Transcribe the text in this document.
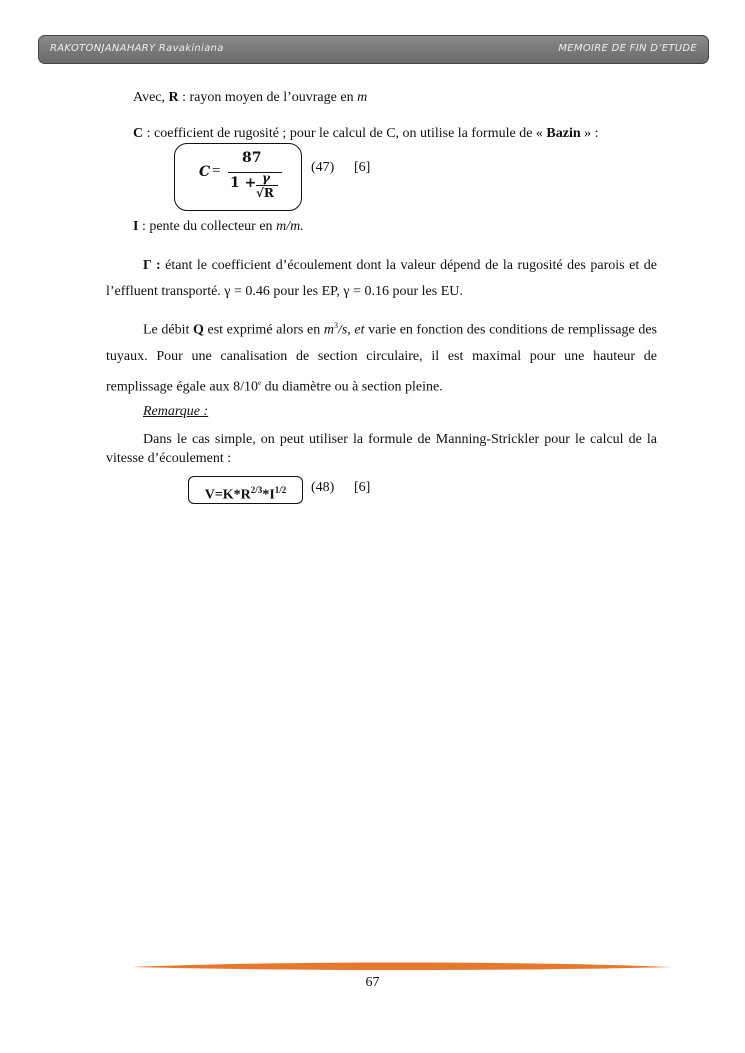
RAKOTONJANAHARY Ravakiniana	MEMOIRE DE FIN D’ETUDE

Avec, R : rayon moyen de l’ouvrage en m

C : coefficient de rugosité ; pour le calcul de C, on utilise la formule de « Bazin » :

C =
87
1 + γ
√R
(47) [6]

I : pente du collecteur en m/m.

Γ : étant le coefficient d’écoulement dont la valeur dépend de la rugosité des parois et de l’effluent transporté. γ = 0.46 pour les EP, γ = 0.16 pour les EU.

Le débit Q est exprimé alors en $m^3/s$, et varie en fonction des conditions de remplissage des tuyaux. Pour une canalisation de section circulaire, il est maximal pour une hauteur de remplissage égale aux 8/10e du diamètre ou à section pleine.

Remarque :

Dans le cas simple, on peut utiliser la formule de Manning-Strickler pour le calcul de la vitesse d’écoulement :

$V=K*R^{2/3}*I^{1/2}$	(48) [6]
67
